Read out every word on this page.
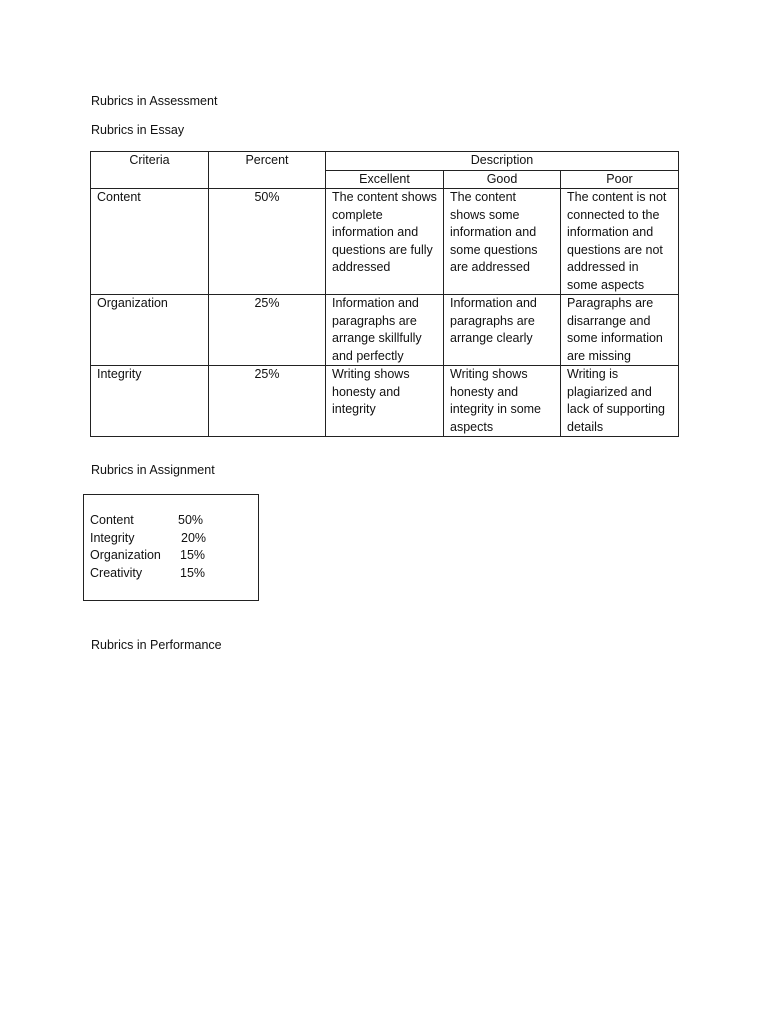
Rubrics in Assessment

Rubrics in Essay

Criteria	Percent	Description		
		Excellent	Good	Poor
Content	50%	The content shows complete information and questions are fully addressed	The content shows some information and some questions are addressed	The content is not connected to the information and questions are not addressed in some aspects
Organization	25%	Information and paragraphs are arrange skillfully and perfectly	Information and paragraphs are arrange clearly	Paragraphs are disarrange and some information are missing
Integrity	25%	Writing shows honesty and integrity	Writing shows honesty and integrity in some aspects	Writing is plagiarized and lack of supporting details

Rubrics in Assignment

Content	50%
Integrity	20%
Organization 15%
Creativity	15%

Rubrics in Performance
